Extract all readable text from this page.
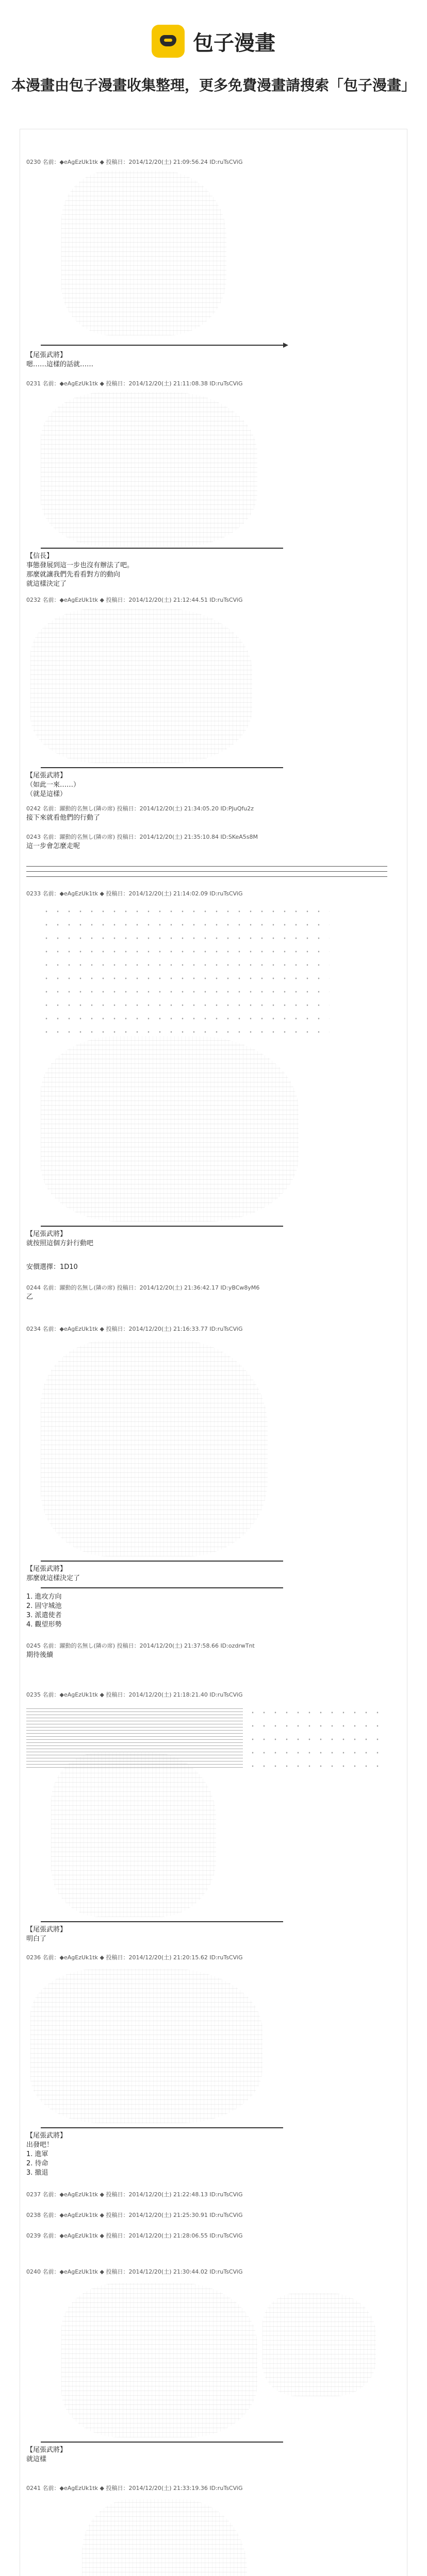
包子漫畫
本漫畫由包子漫畫收集整理，更多免費漫畫請搜索「包子漫畫」
0230 名前：◆eAgEzUk1tk ◆ 投稿日：2014/12/20(土) 21:09:56.24 ID:ruTsCViG
【尾張武將】
嗯……這樣的話就……
0231 名前：◆eAgEzUk1tk ◆ 投稿日：2014/12/20(土) 21:11:08.38 ID:ruTsCViG
【信長】
事態發展到這一步也沒有辦法了吧。
那麼就讓我們先看看對方的動向
就這樣決定了
0232 名前：◆eAgEzUk1tk ◆ 投稿日：2014/12/20(土) 21:12:44.51 ID:ruTsCViG
【尾張武將】
（如此一來……）
（就是這樣）
0242 名前：躍動的名無し(隣の席) 投稿日：2014/12/20(土) 21:34:05.20 ID:PJuQfu2z
接下來就看他們的行動了
0243 名前：躍動的名無し(隣の席) 投稿日：2014/12/20(土) 21:35:10.84 ID:SKeA5s8M
這一步會怎麼走呢
0233 名前：◆eAgEzUk1tk ◆ 投稿日：2014/12/20(土) 21:14:02.09 ID:ruTsCViG
【尾張武將】
就按照這個方針行動吧
安價選擇：1D10
0244 名前：躍動的名無し(隣の席) 投稿日：2014/12/20(土) 21:36:42.17 ID:yBCw8yM6
乙
0234 名前：◆eAgEzUk1tk ◆ 投稿日：2014/12/20(土) 21:16:33.77 ID:ruTsCViG
【尾張武將】
那麼就這樣決定了
1. 進攻方向
2. 固守城池
3. 派遣使者
4. 觀望形勢
0245 名前：躍動的名無し(隣の席) 投稿日：2014/12/20(土) 21:37:58.66 ID:ozdrwTnt
期待後續
0235 名前：◆eAgEzUk1tk ◆ 投稿日：2014/12/20(土) 21:18:21.40 ID:ruTsCViG
【尾張武將】
明白了
0236 名前：◆eAgEzUk1tk ◆ 投稿日：2014/12/20(土) 21:20:15.62 ID:ruTsCViG
【尾張武將】
出發吧！
1. 進軍
2. 待命
3. 撤退
0237 名前：◆eAgEzUk1tk ◆ 投稿日：2014/12/20(土) 21:22:48.13 ID:ruTsCViG
0238 名前：◆eAgEzUk1tk ◆ 投稿日：2014/12/20(土) 21:25:30.91 ID:ruTsCViG
0239 名前：◆eAgEzUk1tk ◆ 投稿日：2014/12/20(土) 21:28:06.55 ID:ruTsCViG
0240 名前：◆eAgEzUk1tk ◆ 投稿日：2014/12/20(土) 21:30:44.02 ID:ruTsCViG
【尾張武將】
就這樣
0241 名前：◆eAgEzUk1tk ◆ 投稿日：2014/12/20(土) 21:33:19.36 ID:ruTsCViG
